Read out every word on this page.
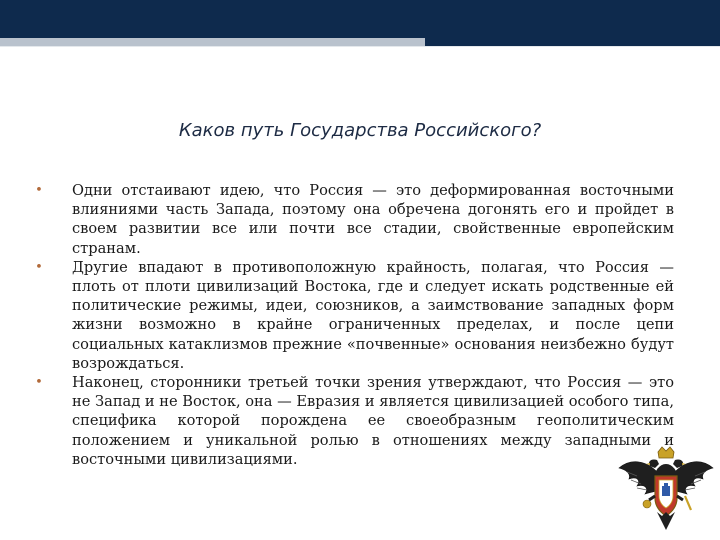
Каков путь Государства Российского?
• Одни отстаивают идею, что Россия — это деформированная восточными влияниями часть Запада, поэтому она обречена догонять его и пройдет в своем развитии все или почти все стадии, свойственные европейским странам.
• Другие впадают в противоположную крайность, полагая, что Россия — плоть от плоти цивилизаций Востока, где и следует искать родственные ей политические режимы, идеи, союзников, а заимствование западных форм жизни возможно в крайне ограниченных пределах, и после цепи социальных катаклизмов прежние «почвенные» основания неизбежно будут возрождаться.
• Наконец, сторонники третьей точки зрения утверждают, что Россия — это не Запад и не Восток, она — Евразия и является цивилизацией особого типа, специфика которой порождена ее своеобразным геополитическим положением и уникальной ролью в отношениях между западными и восточными цивилизациями.
